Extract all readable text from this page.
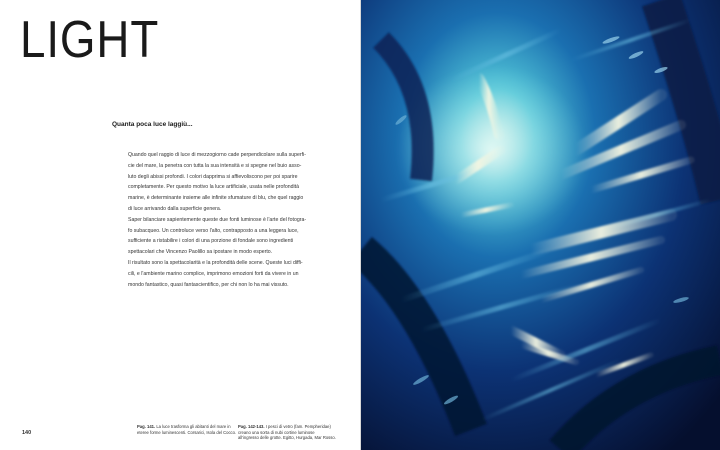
LIGHT
Quanta poca luce laggiù...

Quando quel raggio di luce di mezzogiorno cade perpendicolare sulla superfi-

cie del mare, la penetra con tutta la sua intensità e si spegne nel buio asso-

luto degli abissi profondi. I colori dapprima si affievoliscono per poi sparire

completamente. Per questo motivo la luce artificiale, usata nelle profondità

marine, è determinante insieme alle infinite sfumature di blu, che quel raggio

di luce arrivando dalla superficie genera.

Saper bilanciare sapientemente queste due fonti luminose è l'arte del fotogra-

fo subacqueo. Un controluce verso l'alto, contrapposto a una leggera luce,

sufficiente a ristabilire i colori di una porzione di fondale sono ingredienti

spettacolari che Vincenzo Paolillo sa ipostare in modo esperto.

Il risultato sono la spettacolarità e la profondità delle scene. Queste luci diffi-

cili, e l'ambiente marino complice, imprimono emozioni forti da vivere in un

mondo fantastico, quasi fantascientifico, per chi non lo ha mai vissuto.

140
Pag. 141. La luce trasforma gli abitanti del mare in
eteree forme luminescenti. Corsarici, Isola del Cocco.
Pag. 142-143. I pesci di vetro (fam. Pempheridae)
creano una sorta di nubi cortine luminose
all'ingresso delle grotte. Egitto, Hurgada, Mar Rosso.
